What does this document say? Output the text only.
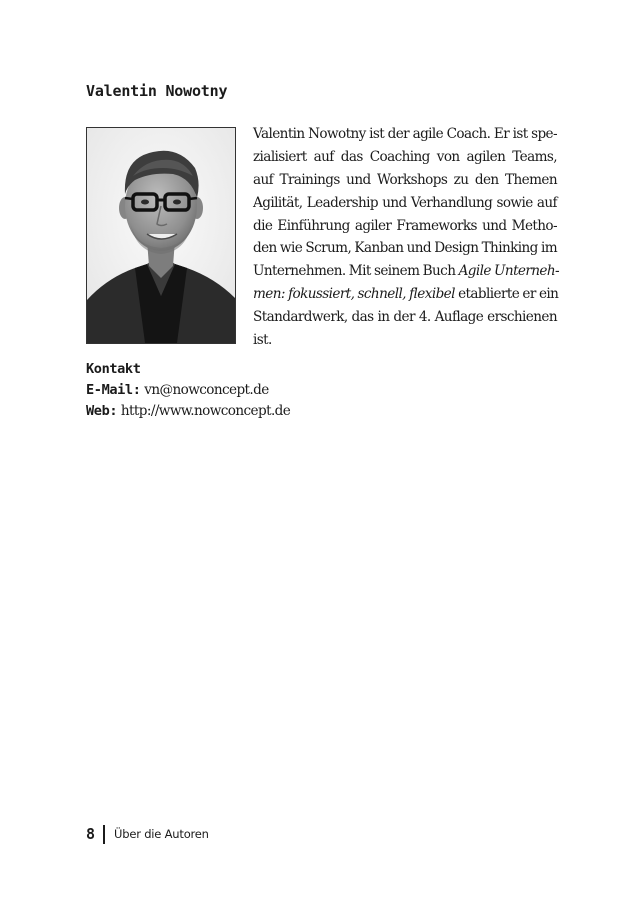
Valentin Nowotny
Valentin Nowotny ist der agile Coach. Er ist spe-
zialisiert auf das Coaching von agilen Teams,
auf Trainings und Workshops zu den Themen
Agilität, Leadership und Verhandlung sowie auf
die Einführung agiler Frameworks und Metho-
den wie Scrum, Kanban und Design Thinking im
Unternehmen. Mit seinem Buch Agile Unterneh-
men: fokussiert, schnell, flexibel etablierte er ein
Standardwerk, das in der 4. Auflage erschienen
ist.
Kontakt
E-Mail: vn@nowconcept.de
Web: http://www.nowconcept.de
8 Über die Autoren
